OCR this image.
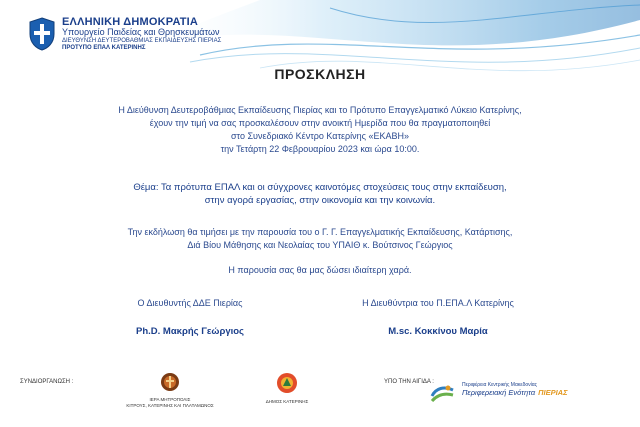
ΕΛΛΗΝΙΚΗ ΔΗΜΟΚΡΑΤΙΑ
Υπουργείο Παιδείας και Θρησκευμάτων
ΔΙΕΥΘΥΝΣΗ ΔΕΥΤΕΡΟΒΑΘΜΙΑΣ ΕΚΠΑΙΔΕΥΣΗΣ ΠΙΕΡΙΑΣ
ΠΡΟΤΥΠΟ ΕΠΑΛ ΚΑΤΕΡΙΝΗΣ
ΠΡΟΣΚΛΗΣΗ
Η Διεύθυνση Δευτεροβάθμιας Εκπαίδευσης Πιερίας και το Πρότυπο Επαγγελματικό Λύκειο Κατερίνης,
έχουν την τιμή να σας προσκαλέσουν στην ανοικτή Ημερίδα που θα πραγματοποιηθεί
στο Συνεδριακό Κέντρο Κατερίνης «ΕΚΑΒΗ»
την Τετάρτη 22 Φεβρουαρίου 2023 και ώρα 10:00.
Θέμα: Τα πρότυπα ΕΠΑΛ και οι σύγχρονες καινοτόμες στοχεύσεις τους στην εκπαίδευση,
στην αγορά εργασίας, στην οικονομία και την κοινωνία.
Την εκδήλωση θα τιμήσει με την παρουσία του ο Γ. Γ. Επαγγελματικής Εκπαίδευσης, Κατάρτισης,
Διά Βίου Μάθησης και Νεολαίας του ΥΠΑΙΘ κ. Βούτσινος Γεώργιος
Η παρουσία σας θα μας δώσει ιδιαίτερη χαρά.
Ο Διευθυντής ΔΔΕ Πιερίας
Ph.D. Μακρής Γεώργιος
Η Διευθύντρια του Π.ΕΠΑ.Λ Κατερίνης
M.sc. Κοκκίνου Μαρία
ΣΥΝΔΙΟΡΓΑΝΩΣΗ :
ΙΕΡΑ ΜΗΤΡΟΠΟΛΙΣ
ΚΙΤΡΟΥΣ, ΚΑΤΕΡΙΝΗΣ ΚΑΙ ΠΛΑΤΑΜΩΝΟΣ
ΔΗΜΟΣ ΚΑΤΕΡΙΝΗΣ
ΥΠΟ ΤΗΝ ΑΙΓΙΔΑ :	Περιφέρεια Κεντρικής Μακεδονίας
Περιφερειακή Ενότητα ΠΙΕΡΙΑΣ
